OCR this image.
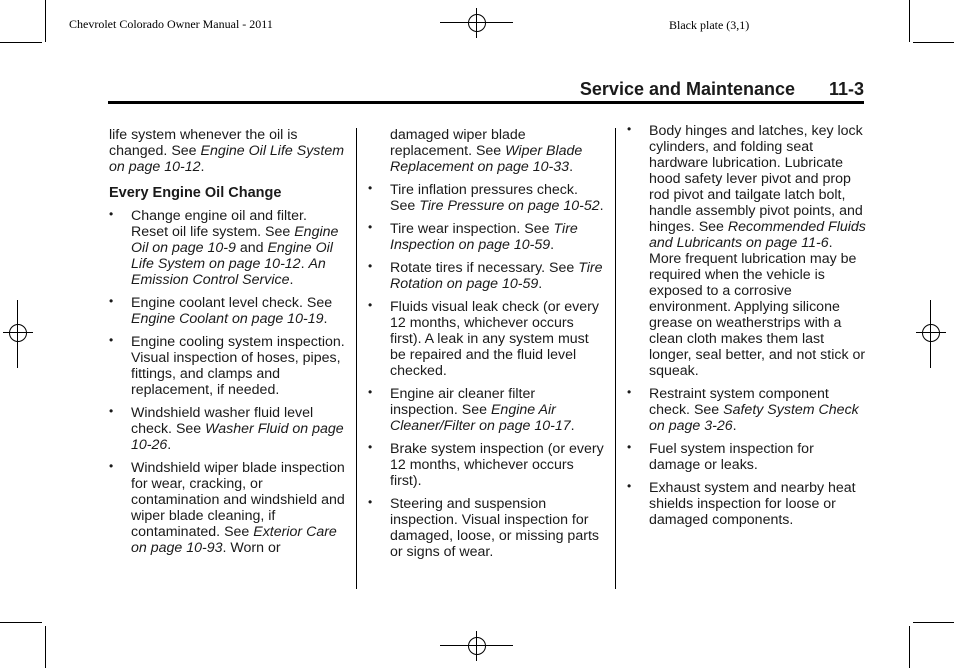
Chevrolet Colorado Owner Manual - 2011	Black plate (3,1)
Service and Maintenance 11-3

life system whenever the oil is changed. See Engine Oil Life System on page 10-12.

Every Engine Oil Change
• Change engine oil and filter. Reset oil life system. See Engine Oil on page 10-9 and Engine Oil Life System on page 10-12. An Emission Control Service.
• Engine coolant level check. See Engine Coolant on page 10-19.
• Engine cooling system inspection. Visual inspection of hoses, pipes, fittings, and clamps and replacement, if needed.
• Windshield washer fluid level check. See Washer Fluid on page 10-26.
• Windshield wiper blade inspection for wear, cracking, or contamination and windshield and wiper blade cleaning, if contaminated. See Exterior Care on page 10-93. Worn or

damaged wiper blade replacement. See Wiper Blade Replacement on page 10-33.

• Tire inflation pressures check. See Tire Pressure on page 10-52.
• Tire wear inspection. See Tire Inspection on page 10-59.
• Rotate tires if necessary. See Tire Rotation on page 10-59.
• Fluids visual leak check (or every 12 months, whichever occurs first). A leak in any system must be repaired and the fluid level checked.
• Engine air cleaner filter inspection. See Engine Air Cleaner/Filter on page 10-17.
• Brake system inspection (or every 12 months, whichever occurs first).
• Steering and suspension inspection. Visual inspection for damaged, loose, or missing parts or signs of wear.
• Body hinges and latches, key lock cylinders, and folding seat hardware lubrication. Lubricate hood safety lever pivot and prop rod pivot and tailgate latch bolt, handle assembly pivot points, and hinges. See Recommended Fluids and Lubricants on page 11-6. More frequent lubrication may be required when the vehicle is exposed to a corrosive environment. Applying silicone grease on weatherstrips with a clean cloth makes them last longer, seal better, and not stick or squeak.
• Restraint system component check. See Safety System Check on page 3-26.
• Fuel system inspection for damage or leaks.
• Exhaust system and nearby heat shields inspection for loose or damaged components.
